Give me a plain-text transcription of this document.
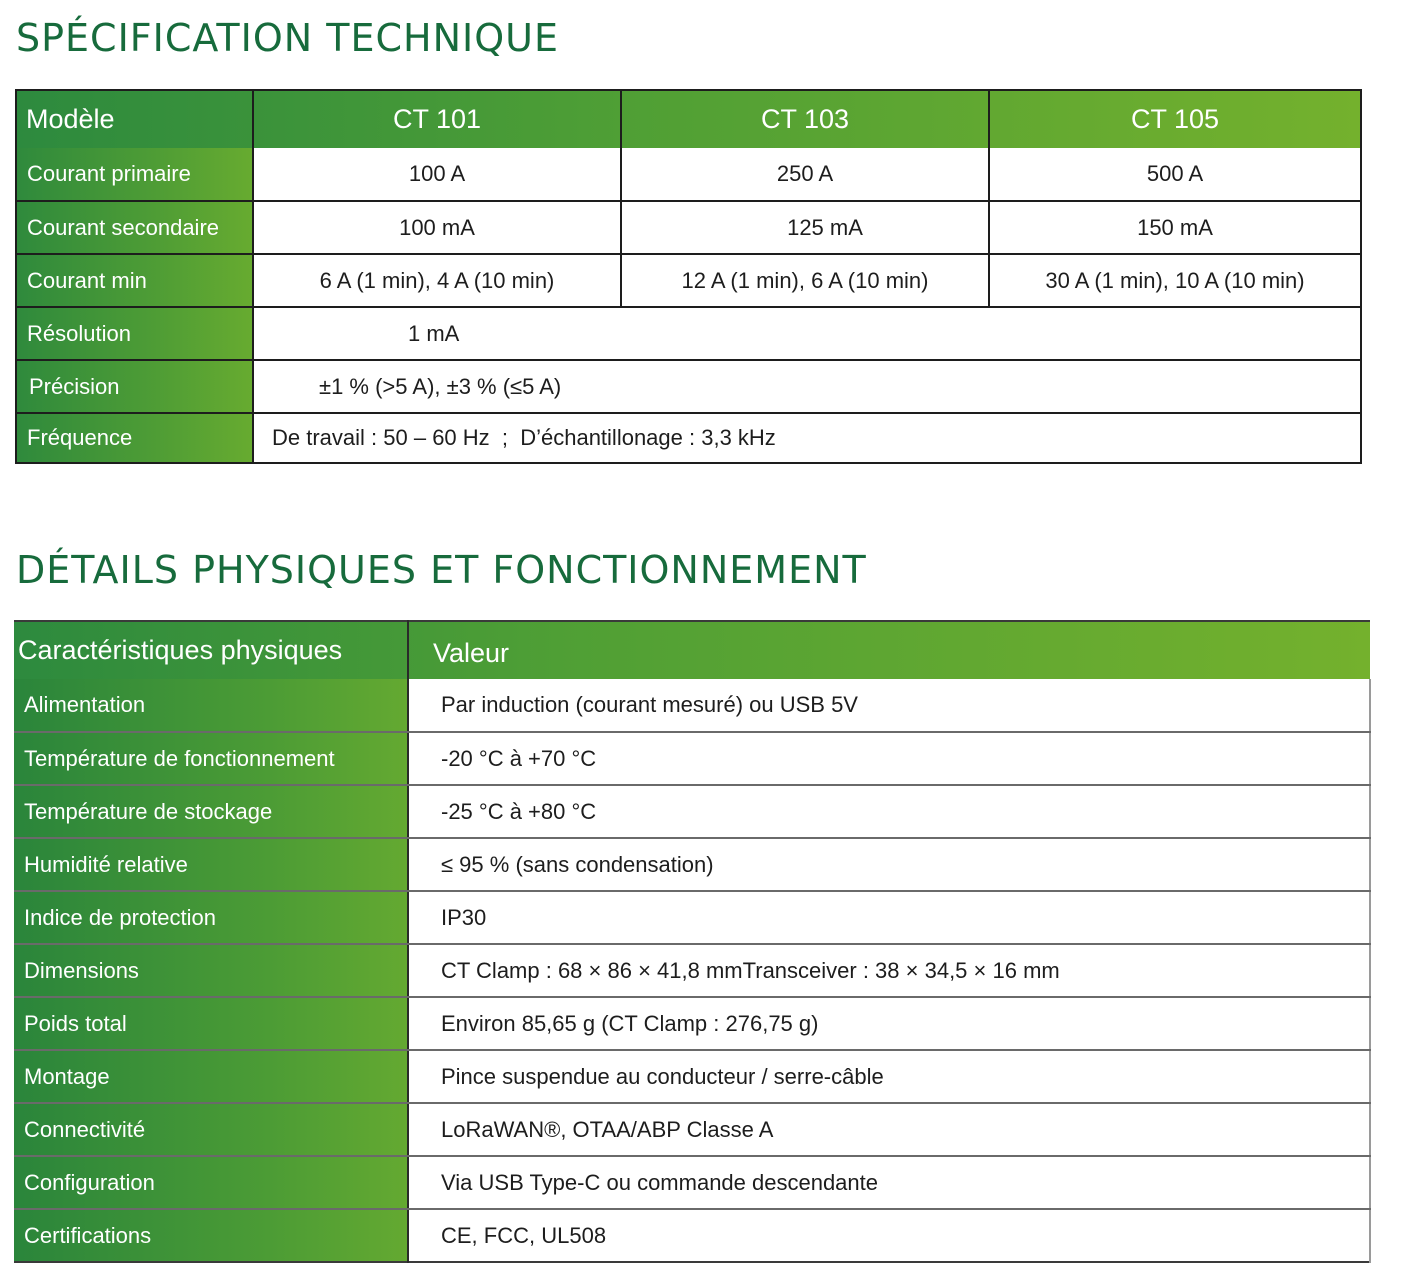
SPÉCIFICATION TECHNIQUE
Modèle	CT 101	CT 103	CT 105
Courant primaire	100 A	250 A	500 A
Courant secondaire	100 mA	125 mA	150 mA
Courant min	6 A (1 min), 4 A (10 min)	12 A (1 min), 6 A (10 min)	30 A (1 min), 10 A (10 min)
Résolution	1 mA		
Précision	±1 % (>5 A), ±3 % (≤5 A)		
Fréquence	De travail : 50 – 60 Hz  ;  D’échantillonage : 3,3 kHz		
DÉTAILS PHYSIQUES ET FONCTIONNEMENT
Caractéristiques physiques	Valeur
Alimentation	Par induction (courant mesuré) ou USB 5V
Température de fonctionnement	-20 °C à +70 °C
Température de stockage	-25 °C à +80 °C
Humidité relative	≤ 95 % (sans condensation)
Indice de protection	IP30
Dimensions	CT Clamp : 68 × 86 × 41,8 mmTransceiver : 38 × 34,5 × 16 mm
Poids total	Environ 85,65 g (CT Clamp : 276,75 g)
Montage	Pince suspendue au conducteur / serre-câble
Connectivité	LoRaWAN®, OTAA/ABP Classe A
Configuration	Via USB Type-C ou commande descendante
Certifications	CE, FCC, UL508
